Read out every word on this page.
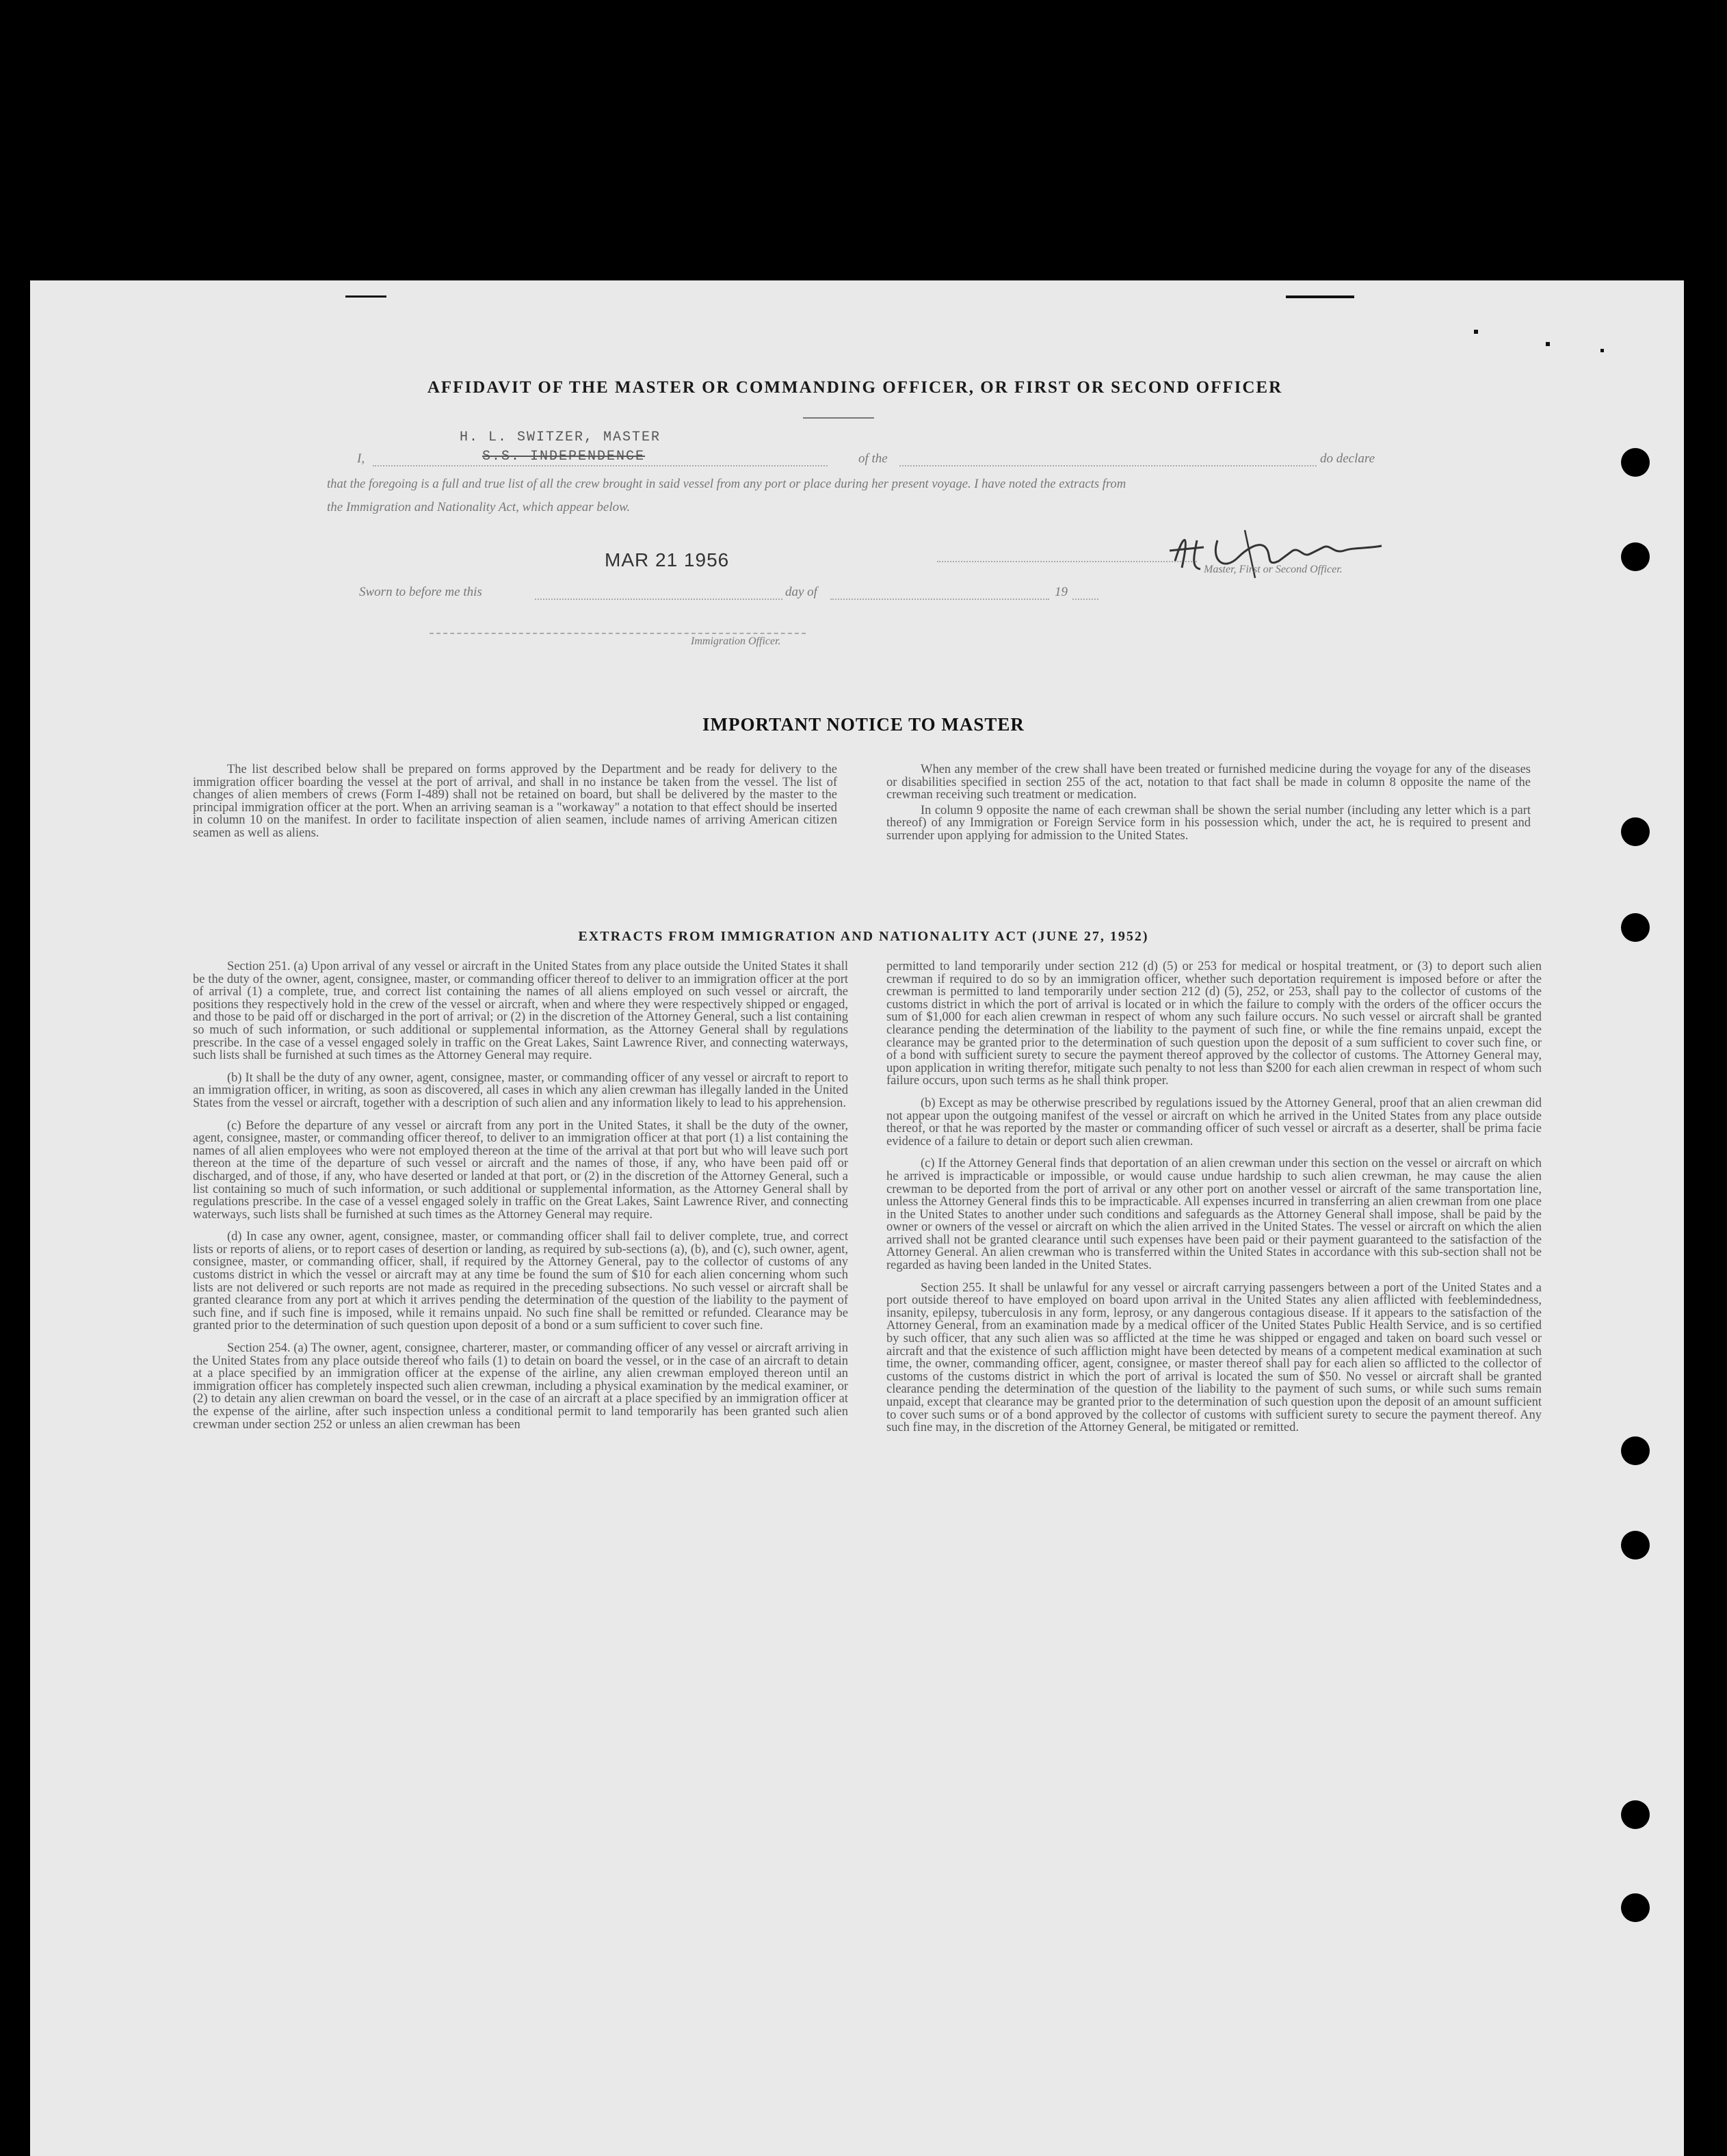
AFFIDAVIT OF THE MASTER OR COMMANDING OFFICER, OR FIRST OR SECOND OFFICER
I,
H. L. SWITZER, MASTER
S.S. INDEPENDENCE	of the	do declare
that the foregoing is a full and true list of all the crew brought in said vessel from any port or place during her present voyage. I have noted the extracts from
the Immigration and Nationality Act, which appear below.
MAR 21 1956	Master, First or Second Officer.
Sworn to before me this	day of	19
Immigration Officer.
IMPORTANT NOTICE TO MASTER

The list described below shall be prepared on forms approved by the Department and be ready for delivery to the immigration officer boarding the vessel at the port of arrival, and shall in no instance be taken from the vessel. The list of changes of alien members of crews (Form I-489) shall not be retained on board, but shall be delivered by the master to the principal immigration officer at the port. When an arriving seaman is a "workaway" a notation to that effect should be inserted in column 10 on the manifest. In order to facilitate inspection of alien seamen, include names of arriving American citizen seamen as well as aliens.

When any member of the crew shall have been treated or furnished medicine during the voyage for any of the diseases or disabilities specified in section 255 of the act, notation to that fact shall be made in column 8 opposite the name of the crewman receiving such treatment or medication.

In column 9 opposite the name of each crewman shall be shown the serial number (including any letter which is a part thereof) of any Immigration or Foreign Service form in his possession which, under the act, he is required to present and surrender upon applying for admission to the United States.

EXTRACTS FROM IMMIGRATION AND NATIONALITY ACT (JUNE 27, 1952)

Section 251. (a) Upon arrival of any vessel or aircraft in the United States from any place outside the United States it shall be the duty of the owner, agent, consignee, master, or commanding officer thereof to deliver to an immigration officer at the port of arrival (1) a complete, true, and correct list containing the names of all aliens employed on such vessel or aircraft, the positions they respectively hold in the crew of the vessel or aircraft, when and where they were respectively shipped or engaged, and those to be paid off or discharged in the port of arrival; or (2) in the discretion of the Attorney General, such a list containing so much of such information, or such additional or supplemental information, as the Attorney General shall by regulations prescribe. In the case of a vessel engaged solely in traffic on the Great Lakes, Saint Lawrence River, and connecting waterways, such lists shall be furnished at such times as the Attorney General may require.

(b) It shall be the duty of any owner, agent, consignee, master, or commanding officer of any vessel or aircraft to report to an immigration officer, in writing, as soon as discovered, all cases in which any alien crewman has illegally landed in the United States from the vessel or aircraft, together with a description of such alien and any information likely to lead to his apprehension.

(c) Before the departure of any vessel or aircraft from any port in the United States, it shall be the duty of the owner, agent, consignee, master, or commanding officer thereof, to deliver to an immigration officer at that port (1) a list containing the names of all alien employees who were not employed thereon at the time of the arrival at that port but who will leave such port thereon at the time of the departure of such vessel or aircraft and the names of those, if any, who have been paid off or discharged, and of those, if any, who have deserted or landed at that port, or (2) in the discretion of the Attorney General, such a list containing so much of such information, or such additional or supplemental information, as the Attorney General shall by regulations prescribe. In the case of a vessel engaged solely in traffic on the Great Lakes, Saint Lawrence River, and connecting waterways, such lists shall be furnished at such times as the Attorney General may require.

(d) In case any owner, agent, consignee, master, or commanding officer shall fail to deliver complete, true, and correct lists or reports of aliens, or to report cases of desertion or landing, as required by sub-sections (a), (b), and (c), such owner, agent, consignee, master, or commanding officer, shall, if required by the Attorney General, pay to the collector of customs of any customs district in which the vessel or aircraft may at any time be found the sum of $10 for each alien concerning whom such lists are not delivered or such reports are not made as required in the preceding subsections. No such vessel or aircraft shall be granted clearance from any port at which it arrives pending the determination of the question of the liability to the payment of such fine, and if such fine is imposed, while it remains unpaid. No such fine shall be remitted or refunded. Clearance may be granted prior to the determination of such question upon deposit of a bond or a sum sufficient to cover such fine.

Section 254. (a) The owner, agent, consignee, charterer, master, or commanding officer of any vessel or aircraft arriving in the United States from any place outside thereof who fails (1) to detain on board the vessel, or in the case of an aircraft to detain at a place specified by an immigration officer at the expense of the airline, any alien crewman employed thereon until an immigration officer has completely inspected such alien crewman, including a physical examination by the medical examiner, or (2) to detain any alien crewman on board the vessel, or in the case of an aircraft at a place specified by an immigration officer at the expense of the airline, after such inspection unless a conditional permit to land temporarily has been granted such alien crewman under section 252 or unless an alien crewman has been

permitted to land temporarily under section 212 (d) (5) or 253 for medical or hospital treatment, or (3) to deport such alien crewman if required to do so by an immigration officer, whether such deportation requirement is imposed before or after the crewman is permitted to land temporarily under section 212 (d) (5), 252, or 253, shall pay to the collector of customs of the customs district in which the port of arrival is located or in which the failure to comply with the orders of the officer occurs the sum of $1,000 for each alien crewman in respect of whom any such failure occurs. No such vessel or aircraft shall be granted clearance pending the determination of the liability to the payment of such fine, or while the fine remains unpaid, except the clearance may be granted prior to the determination of such question upon the deposit of a sum sufficient to cover such fine, or of a bond with sufficient surety to secure the payment thereof approved by the collector of customs. The Attorney General may, upon application in writing therefor, mitigate such penalty to not less than $200 for each alien crewman in respect of whom such failure occurs, upon such terms as he shall think proper.

(b) Except as may be otherwise prescribed by regulations issued by the Attorney General, proof that an alien crewman did not appear upon the outgoing manifest of the vessel or aircraft on which he arrived in the United States from any place outside thereof, or that he was reported by the master or commanding officer of such vessel or aircraft as a deserter, shall be prima facie evidence of a failure to detain or deport such alien crewman.

(c) If the Attorney General finds that deportation of an alien crewman under this section on the vessel or aircraft on which he arrived is impracticable or impossible, or would cause undue hardship to such alien crewman, he may cause the alien crewman to be deported from the port of arrival or any other port on another vessel or aircraft of the same transportation line, unless the Attorney General finds this to be impracticable. All expenses incurred in transferring an alien crewman from one place in the United States to another under such conditions and safeguards as the Attorney General shall impose, shall be paid by the owner or owners of the vessel or aircraft on which the alien arrived in the United States. The vessel or aircraft on which the alien arrived shall not be granted clearance until such expenses have been paid or their payment guaranteed to the satisfaction of the Attorney General. An alien crewman who is transferred within the United States in accordance with this sub-section shall not be regarded as having been landed in the United States.

Section 255. It shall be unlawful for any vessel or aircraft carrying passengers between a port of the United States and a port outside thereof to have employed on board upon arrival in the United States any alien afflicted with feeblemindedness, insanity, epilepsy, tuberculosis in any form, leprosy, or any dangerous contagious disease. If it appears to the satisfaction of the Attorney General, from an examination made by a medical officer of the United States Public Health Service, and is so certified by such officer, that any such alien was so afflicted at the time he was shipped or engaged and taken on board such vessel or aircraft and that the existence of such affliction might have been detected by means of a competent medical examination at such time, the owner, commanding officer, agent, consignee, or master thereof shall pay for each alien so afflicted to the collector of customs of the customs district in which the port of arrival is located the sum of $50. No vessel or aircraft shall be granted clearance pending the determination of the question of the liability to the payment of such sums, or while such sums remain unpaid, except that clearance may be granted prior to the determination of such question upon the deposit of an amount sufficient to cover such sums or of a bond approved by the collector of customs with sufficient surety to secure the payment thereof. Any such fine may, in the discretion of the Attorney General, be mitigated or remitted.
